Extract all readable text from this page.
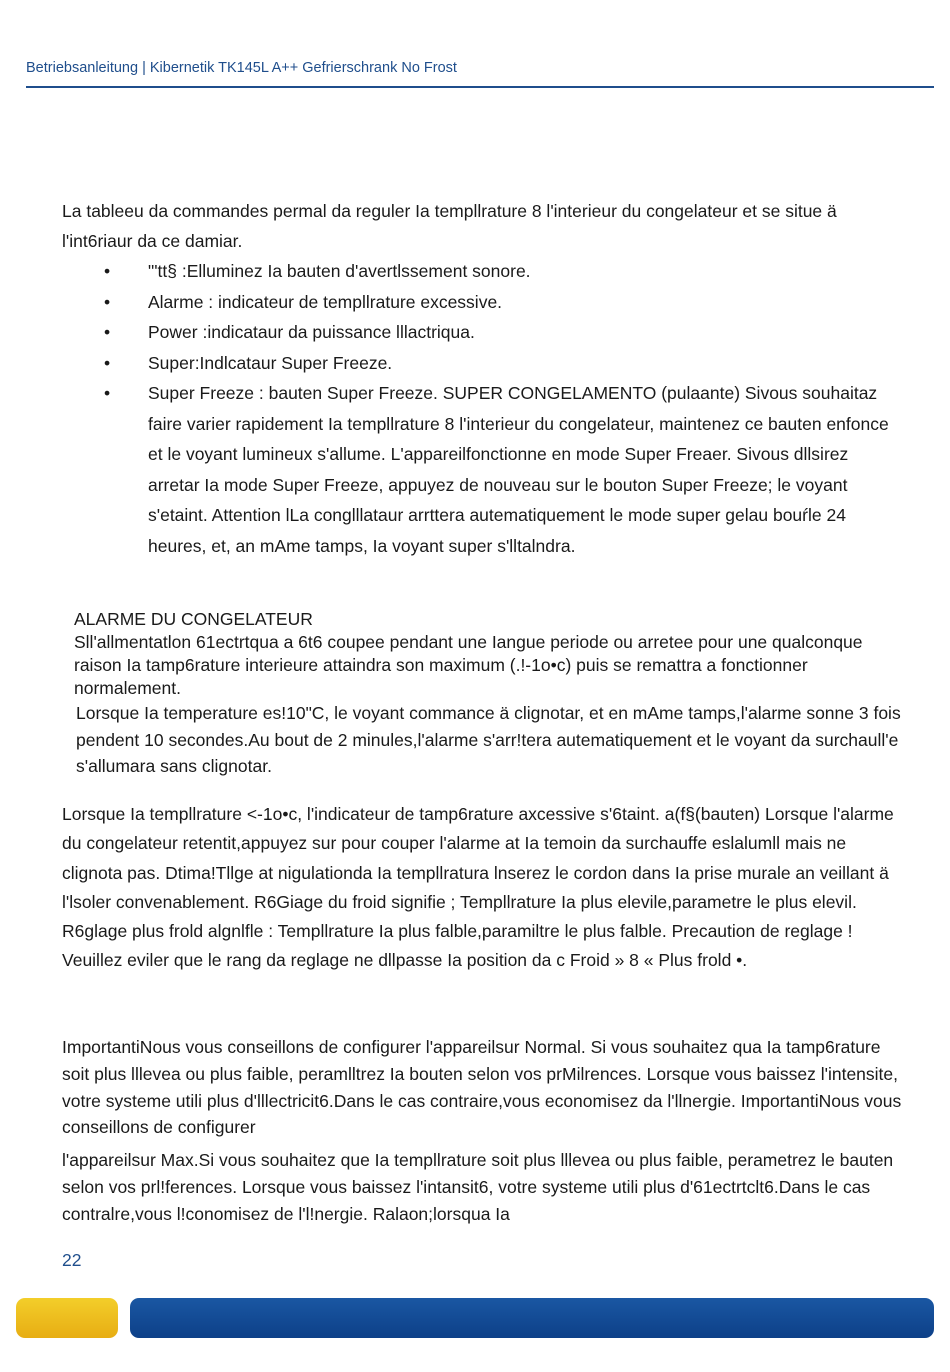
Betriebsanleitung | Kibernetik TK145L A++ Gefrierschrank No Frost

La tableeu da commandes permal da reguler Ia templlrature 8 l'interieur du congelateur et se situe ä l'int6riaur da ce damiar.

• "'tt§ :Elluminez Ia bauten d'avertlssement sonore.
• Alarme : indicateur de templlrature excessive.
• Power :indicataur da puissance lllactriqua.
• Super:Indlcataur Super Freeze.
• Super Freeze : bauten Super Freeze. SUPER CONGELAMENTO (pulaante) Sivous souhaitaz faire varier rapidement Ia templlrature 8 l'interieur du congelateur, maintenez ce bauten enfonce et le voyant lumineux s'allume. L'appareilfonctionne en mode Super Freaer. Sivous dllsirez arretar Ia mode Super Freeze, appuyez de nouveau sur le bouton Super Freeze; le voyant s'etaint. Attention lLa conglllataur arrttera autematiquement le mode super gelau bouŕle 24 heures, et, an mAme tamps, Ia voyant super s'lltalndra.

ALARME DU CONGELATEUR

Sll'allmentatlon 61ectrtqua a 6t6 coupee pendant une Iangue periode ou arretee pour une qualconque raison Ia tamp6rature interieure attaindra son maximum (.!-1o•c) puis se remattra a fonctionner normalement.

Lorsque Ia temperature es!10"C, le voyant commance ä clignotar, et en mAme tamps,l'alarme sonne 3 fois pendent 10 secondes.Au bout de 2 minules,l'alarme s'arr!tera autematiquement et le voyant da surchaull'e s'allumara sans clignotar.

Lorsque Ia templlrature <-1o•c, l'indicateur de tamp6rature axcessive s'6taint. a(f§(bauten) Lorsque l'alarme du congelateur retentit,appuyez sur pour couper l'alarme at Ia temoin da surchauffe eslalumll mais ne clignota pas. Dtima!Tllge at nigulationda Ia templlratura lnserez le cordon dans Ia prise murale an veillant ä l'lsoler convenablement. R6Giage du froid signifie ; Templlrature Ia plus elevile,parametre le plus elevil. R6glage plus frold algnlfle : Templlrature Ia plus falble,paramiltre le plus falble. Precaution de reglage ! Veuillez eviler que le rang da reglage ne dllpasse Ia position da c Froid » 8 « Plus frold •.

ImportantiNous vous conseillons de configurer l'appareilsur Normal. Si vous souhaitez qua Ia tamp6rature soit plus lllevea ou plus faible, peramlltrez Ia bouten selon vos prMilrences. Lorsque vous baissez l'intensite, votre systeme utili plus d'lllectricit6.Dans le cas contraire,vous economisez da l'llnergie. ImportantiNous vous conseillons de configurer

l'appareilsur Max.Si vous souhaitez que Ia templlrature soit plus lllevea ou plus faible, perametrez le bauten selon vos prl!ferences. Lorsque vous baissez l'intansit6, votre systeme utili plus d'61ectrtclt6.Dans le cas contralre,vous l!conomisez de l'l!nergie. Ralaon;lorsqua Ia

22
